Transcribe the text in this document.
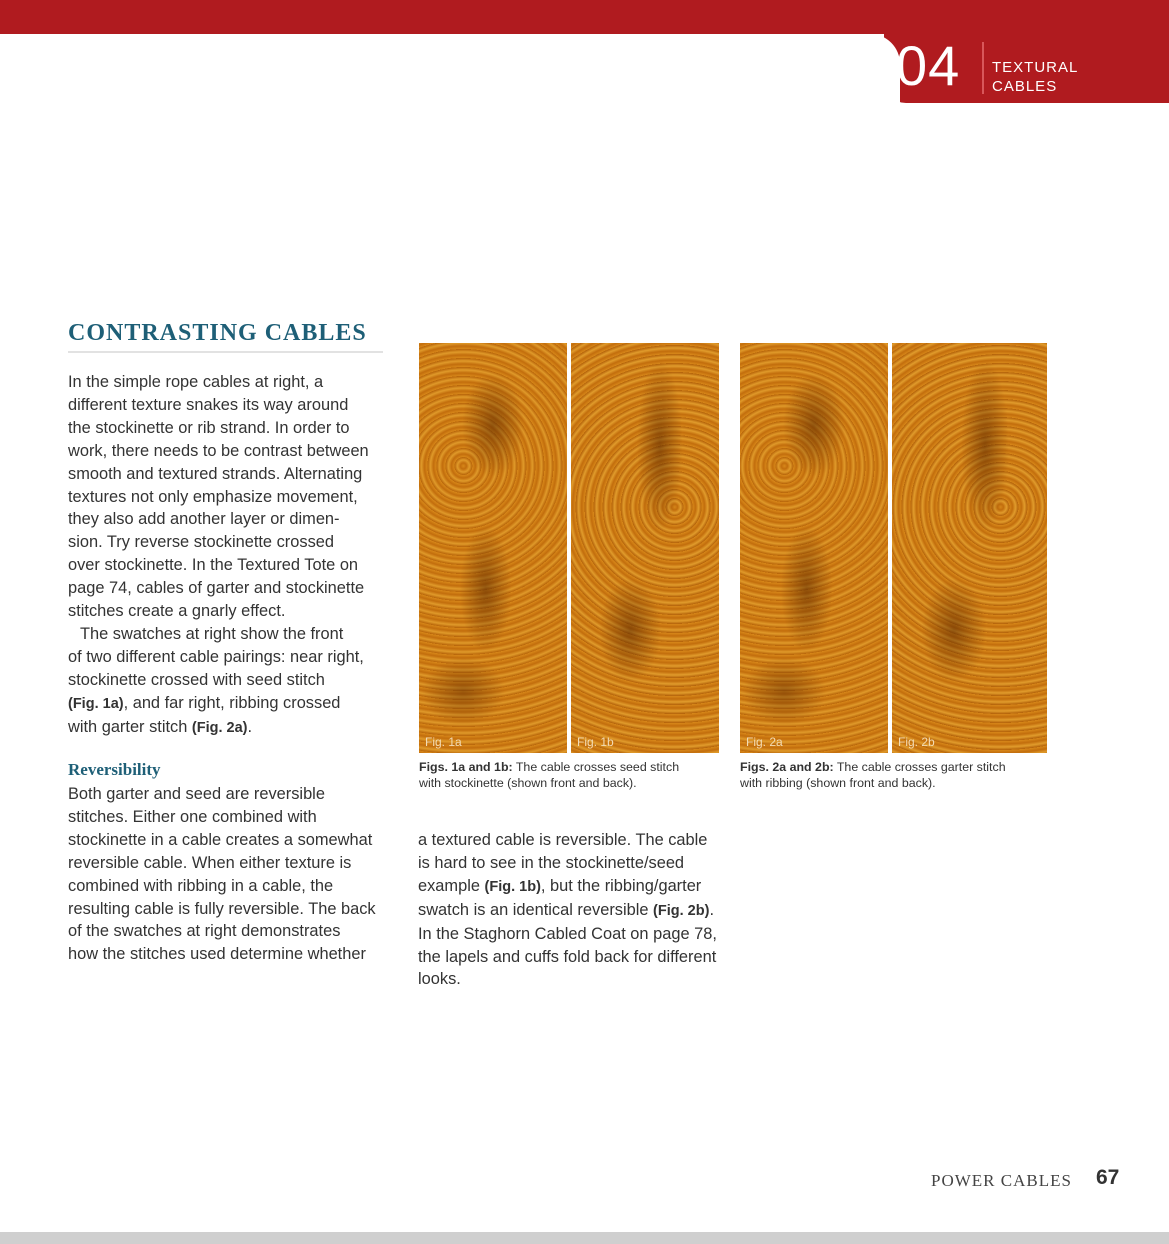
04 TEXTURAL
CABLES
CONTRASTING CABLES
In the simple rope cables at right, a
different texture snakes its way around
the stockinette or rib strand. In order to
work, there needs to be contrast between
smooth and textured strands. Alternating
textures not only emphasize movement,
they also add another layer or dimen-
sion. Try reverse stockinette crossed
over stockinette. In the Textured Tote on
page 74, cables of garter and stockinette
stitches create a gnarly effect.
The swatches at right show the front
of two different cable pairings: near right,
stockinette crossed with seed stitch
(Fig. 1a), and far right, ribbing crossed
with garter stitch (Fig. 2a).
Reversibility
Both garter and seed are reversible
stitches. Either one combined with
stockinette in a cable creates a somewhat
reversible cable. When either texture is
combined with ribbing in a cable, the
resulting cable is fully reversible. The back
of the swatches at right demonstrates
how the stitches used determine whether
a textured cable is reversible. The cable
is hard to see in the stockinette/seed
example (Fig. 1b), but the ribbing/garter
swatch is an identical reversible (Fig. 2b).
In the Staghorn Cabled Coat on page 78,
the lapels and cuffs fold back for different
looks.
Fig. 1a	Fig. 1b	Fig. 2a	Fig. 2b
Figs. 1a and 1b: The cable crosses seed stitch
with stockinette (shown front and back).
Figs. 2a and 2b: The cable crosses garter stitch
with ribbing (shown front and back).
POWER CABLES 67
